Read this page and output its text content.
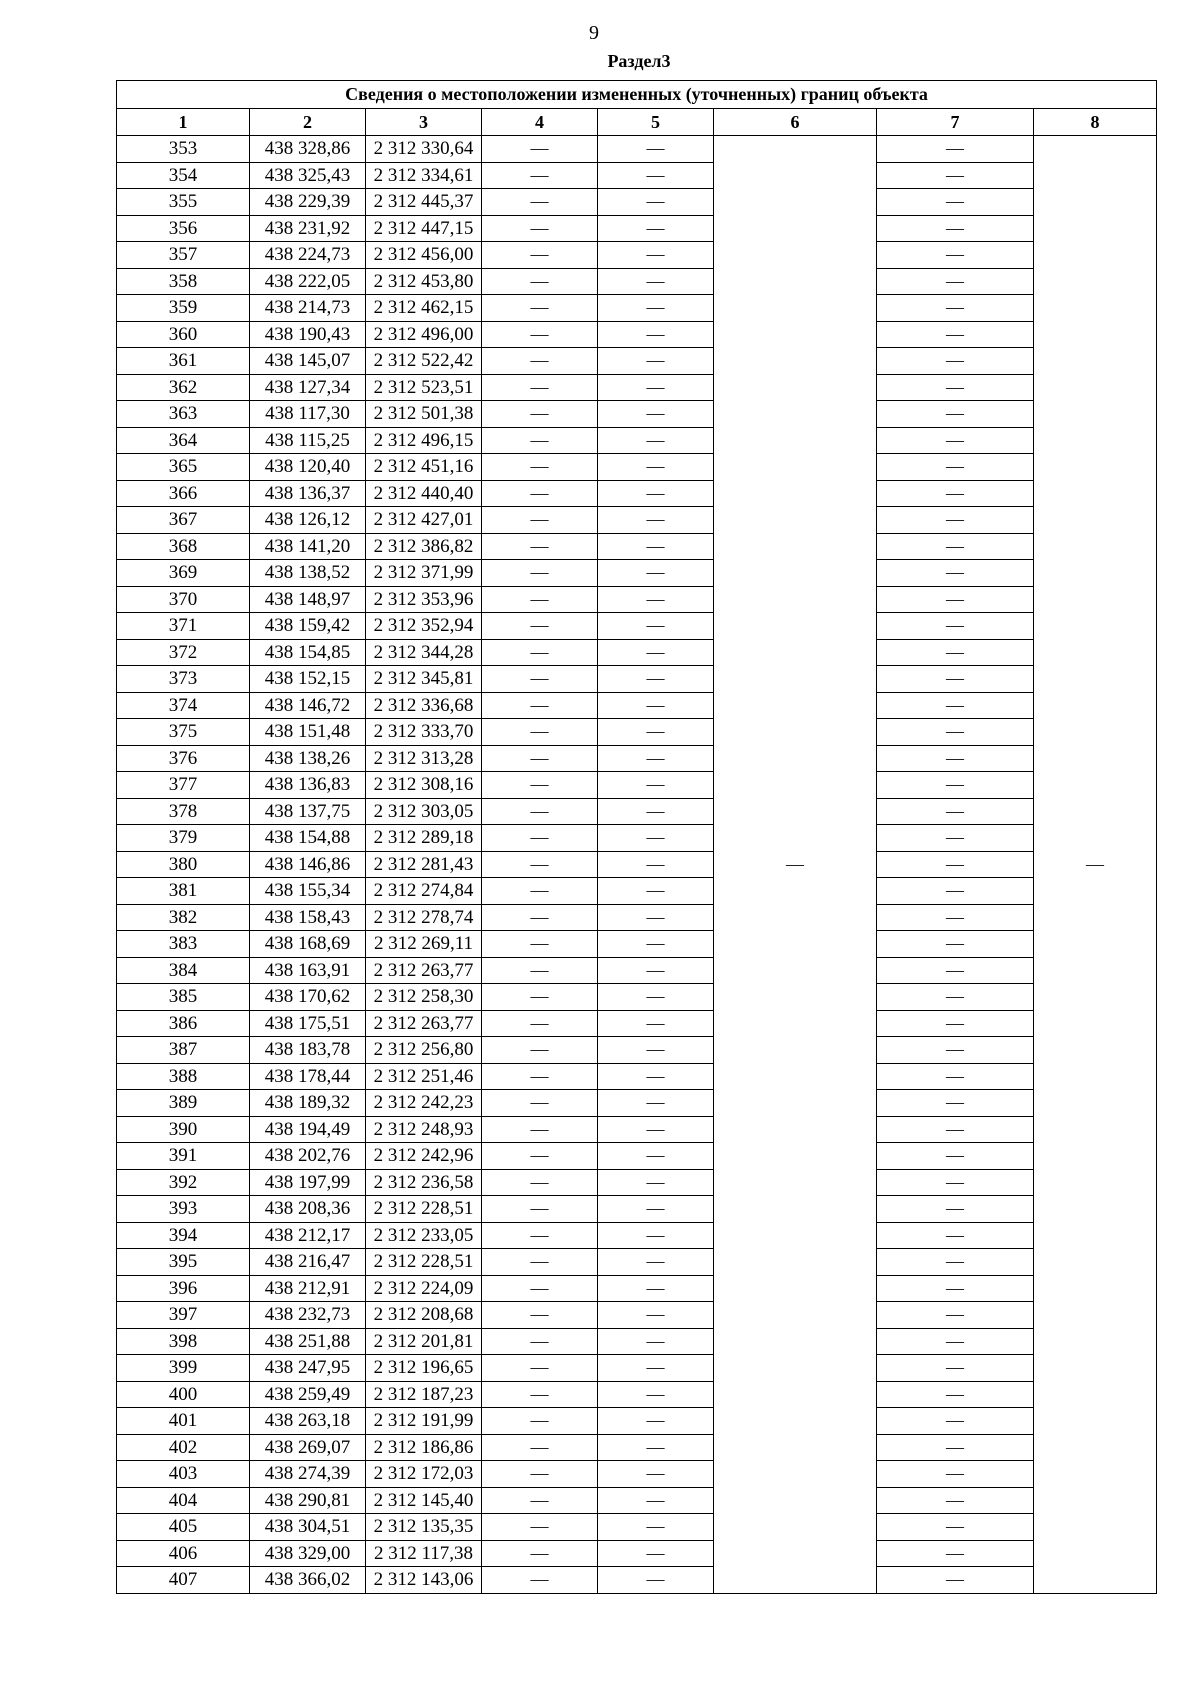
9
Раздел3
Сведения о местоположении измененных (уточненных) границ объекта							
1	2	3	4	5	6	7	8
353	438 328,86	2 312 330,64	—	—	—	—	—
354	438 325,43	2 312 334,61	—	—		—	
355	438 229,39	2 312 445,37	—	—		—	
356	438 231,92	2 312 447,15	—	—		—	
357	438 224,73	2 312 456,00	—	—		—	
358	438 222,05	2 312 453,80	—	—		—	
359	438 214,73	2 312 462,15	—	—		—	
360	438 190,43	2 312 496,00	—	—		—	
361	438 145,07	2 312 522,42	—	—		—	
362	438 127,34	2 312 523,51	—	—		—	
363	438 117,30	2 312 501,38	—	—		—	
364	438 115,25	2 312 496,15	—	—		—	
365	438 120,40	2 312 451,16	—	—		—	
366	438 136,37	2 312 440,40	—	—		—	
367	438 126,12	2 312 427,01	—	—		—	
368	438 141,20	2 312 386,82	—	—		—	
369	438 138,52	2 312 371,99	—	—		—	
370	438 148,97	2 312 353,96	—	—		—	
371	438 159,42	2 312 352,94	—	—		—	
372	438 154,85	2 312 344,28	—	—		—	
373	438 152,15	2 312 345,81	—	—		—	
374	438 146,72	2 312 336,68	—	—		—	
375	438 151,48	2 312 333,70	—	—		—	
376	438 138,26	2 312 313,28	—	—		—	
377	438 136,83	2 312 308,16	—	—		—	
378	438 137,75	2 312 303,05	—	—		—	
379	438 154,88	2 312 289,18	—	—		—	
380	438 146,86	2 312 281,43	—	—		—	
381	438 155,34	2 312 274,84	—	—		—	
382	438 158,43	2 312 278,74	—	—		—	
383	438 168,69	2 312 269,11	—	—		—	
384	438 163,91	2 312 263,77	—	—		—	
385	438 170,62	2 312 258,30	—	—		—	
386	438 175,51	2 312 263,77	—	—		—	
387	438 183,78	2 312 256,80	—	—		—	
388	438 178,44	2 312 251,46	—	—		—	
389	438 189,32	2 312 242,23	—	—		—	
390	438 194,49	2 312 248,93	—	—		—	
391	438 202,76	2 312 242,96	—	—		—	
392	438 197,99	2 312 236,58	—	—		—	
393	438 208,36	2 312 228,51	—	—		—	
394	438 212,17	2 312 233,05	—	—		—	
395	438 216,47	2 312 228,51	—	—		—	
396	438 212,91	2 312 224,09	—	—		—	
397	438 232,73	2 312 208,68	—	—		—	
398	438 251,88	2 312 201,81	—	—		—	
399	438 247,95	2 312 196,65	—	—		—	
400	438 259,49	2 312 187,23	—	—		—	
401	438 263,18	2 312 191,99	—	—		—	
402	438 269,07	2 312 186,86	—	—		—	
403	438 274,39	2 312 172,03	—	—		—	
404	438 290,81	2 312 145,40	—	—		—	
405	438 304,51	2 312 135,35	—	—		—	
406	438 329,00	2 312 117,38	—	—		—	
407	438 366,02	2 312 143,06	—	—		—	
